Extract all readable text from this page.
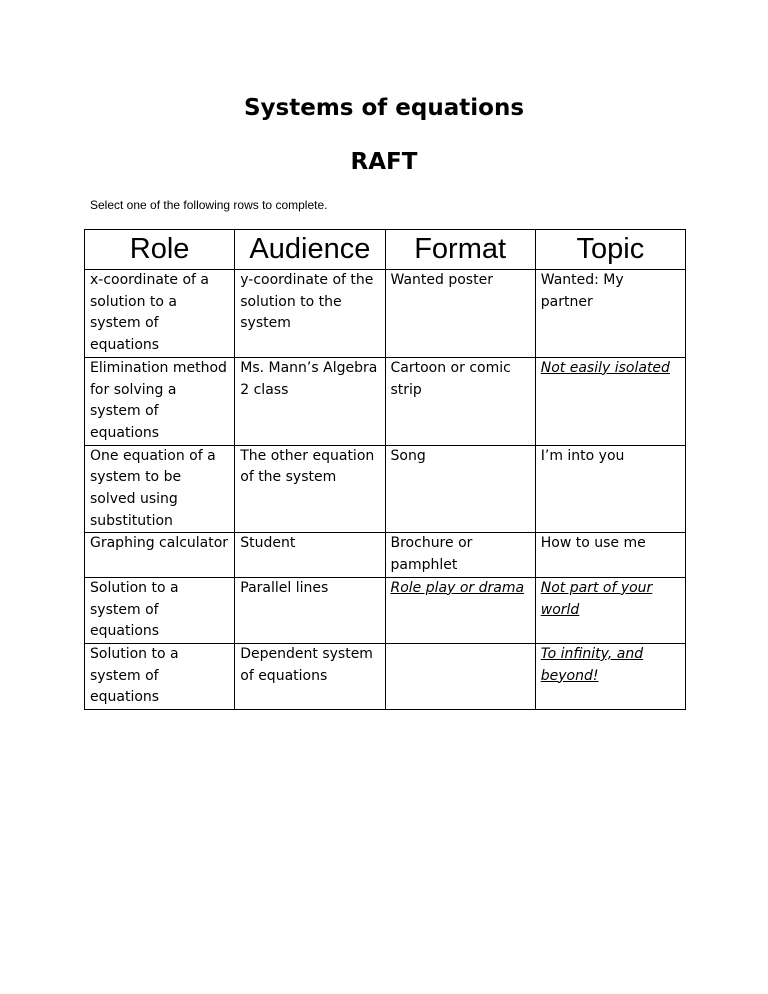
Systems of equations
RAFT
Select one of the following rows to complete.
Role	Audience	Format	Topic
x-coordinate of a solution to a system of equations	y-coordinate of the solution to the system	Wanted poster	Wanted: My partner
Elimination method for solving a system of equations	Ms. Mann’s Algebra 2 class	Cartoon or comic strip	Not easily isolated
One equation of a system to be solved using substitution	The other equation of the system	Song	I’m into you
Graphing calculator	Student	Brochure or pamphlet	How to use me
Solution to a system of equations	Parallel lines	Role play or drama	Not part of your world
Solution to a system of equations	Dependent system of equations		To infinity, and beyond!
